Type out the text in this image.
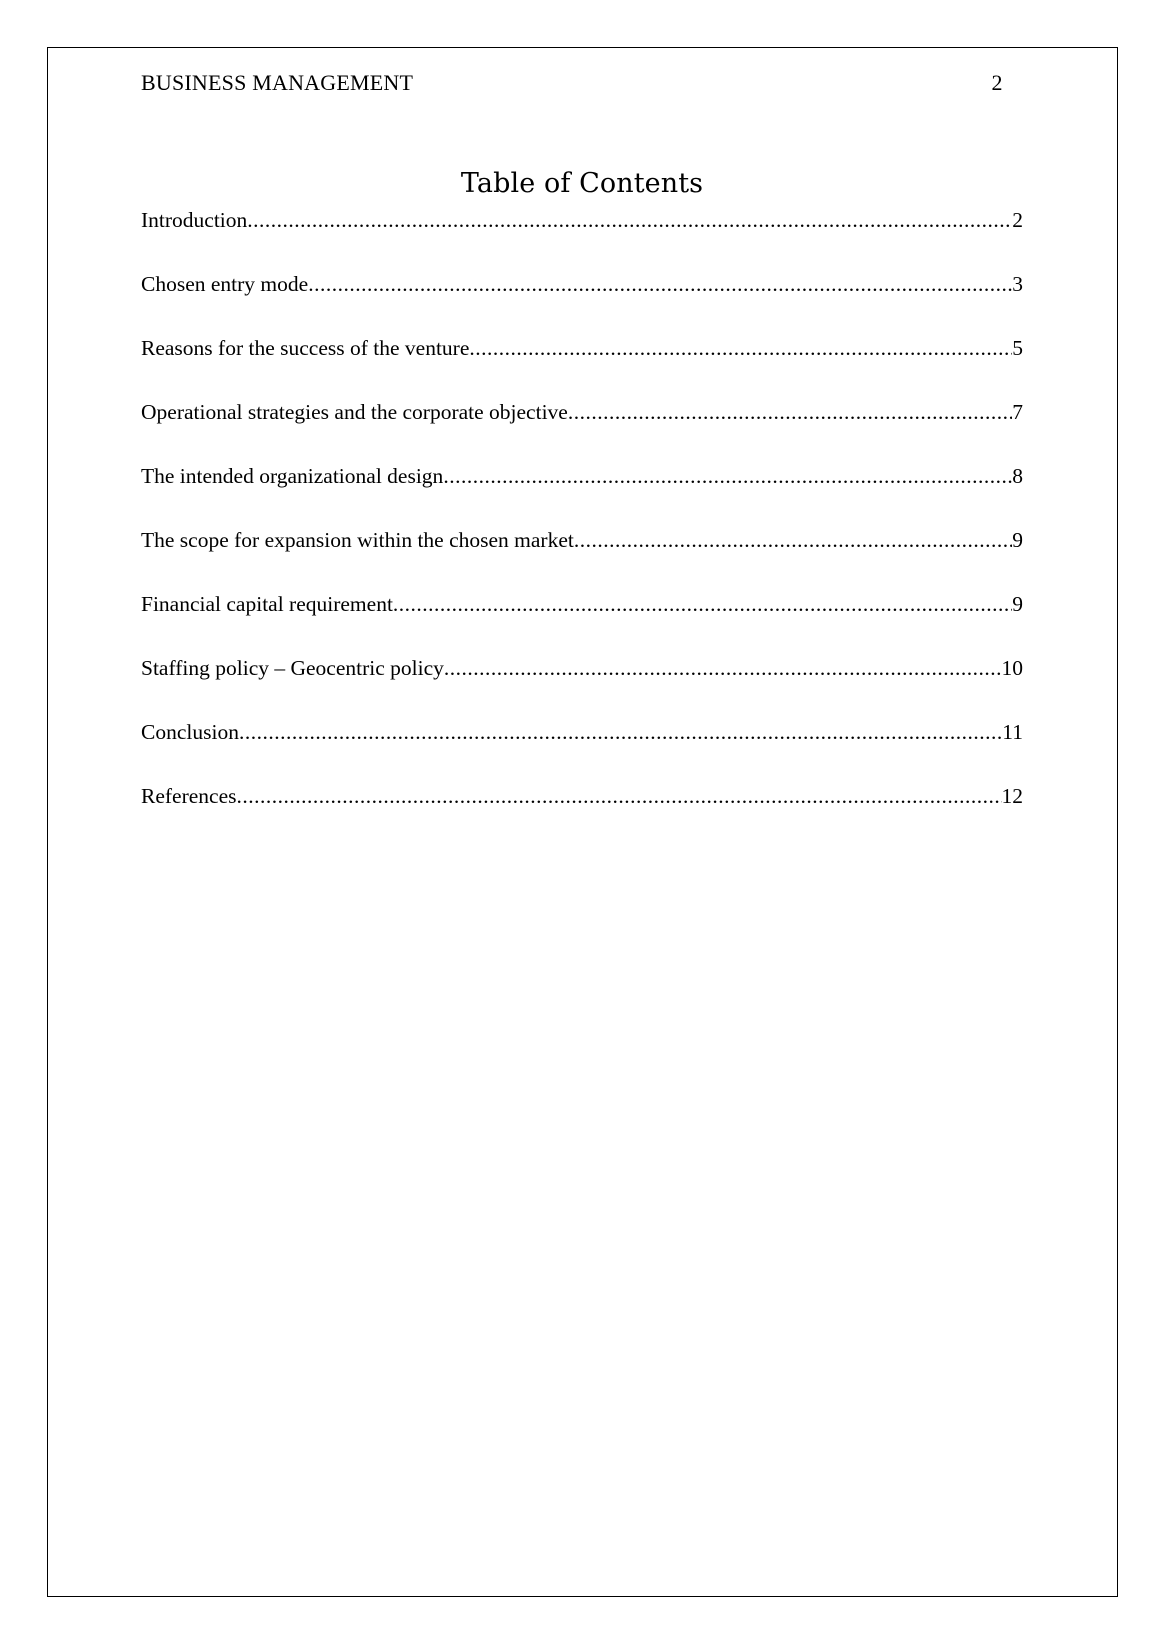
BUSINESS MANAGEMENT	2
Table of Contents
Introduction .....	2
Chosen entry mode .....	3
Reasons for the success of the venture .....	5
Operational strategies and the corporate objective .....	7
The intended organizational design .....	8
The scope for expansion within the chosen market .....	9
Financial capital requirement .....	9
Staffing policy – Geocentric policy .....	10
Conclusion .....	11
References .....	12
